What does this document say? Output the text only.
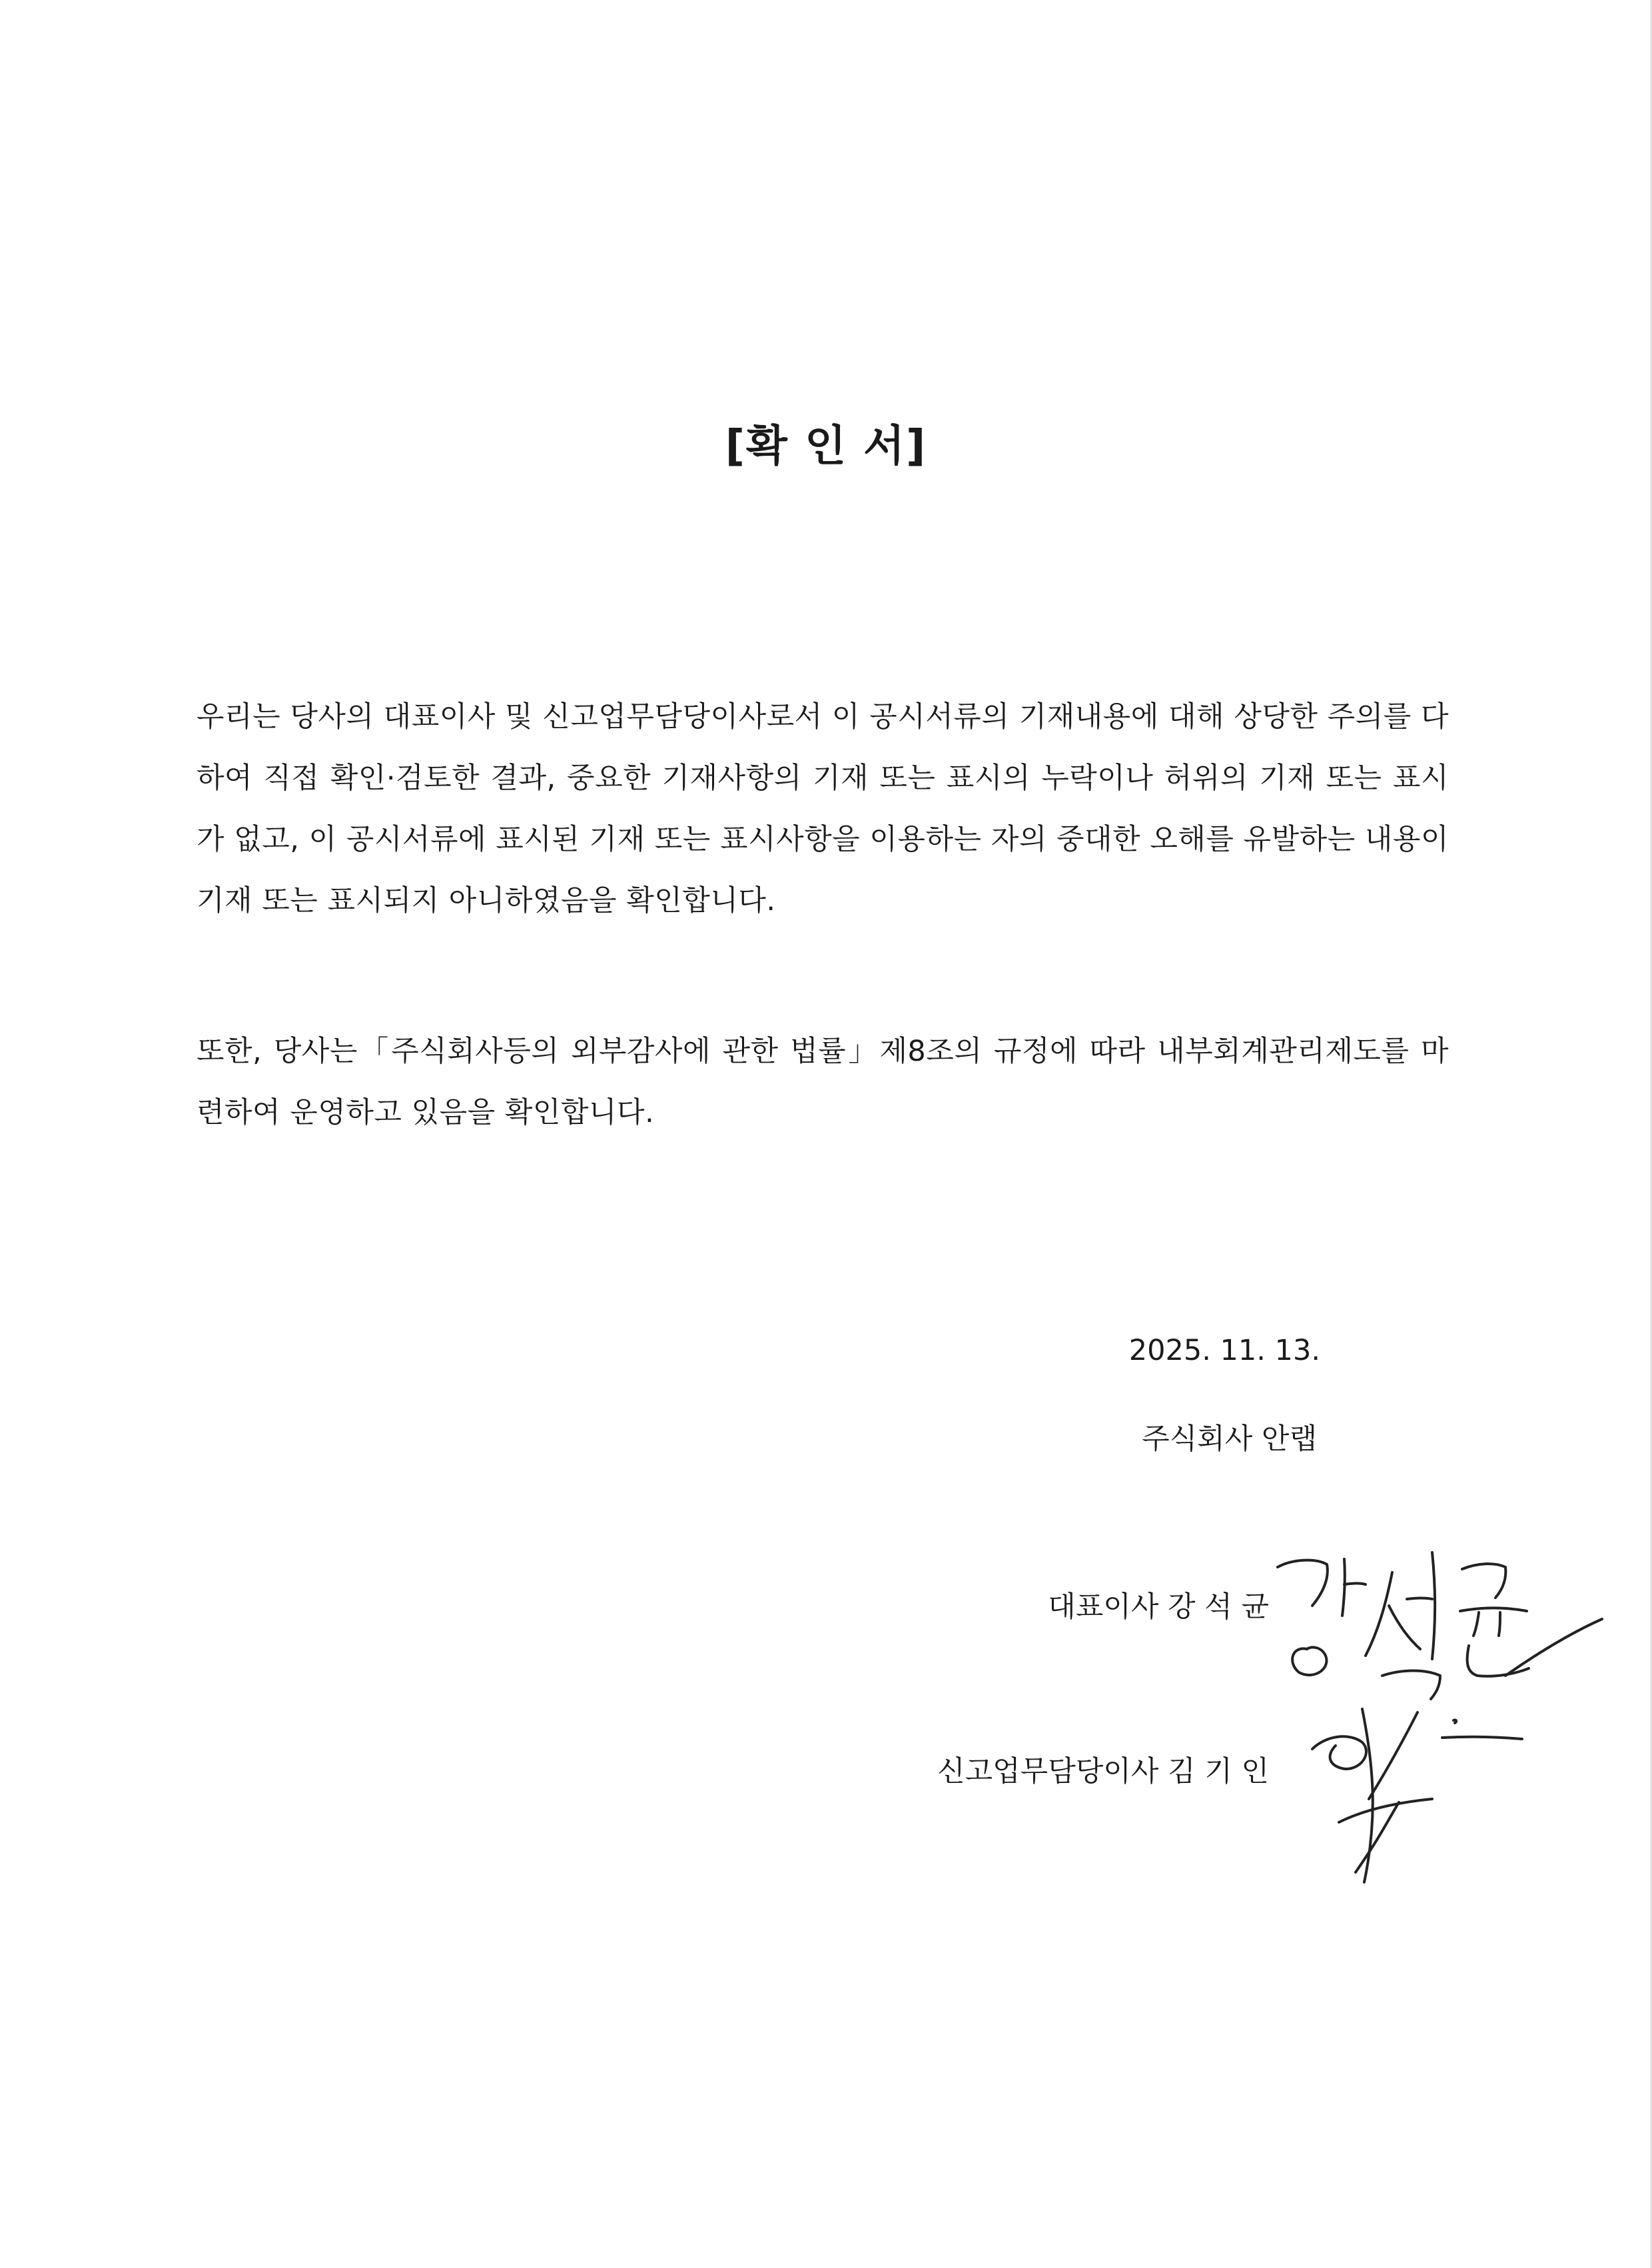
[확 인 서]

우리는 당사의 대표이사 및 신고업무담당이사로서 이 공시서류의 기재내용에 대해 상당한 주의를 다하여 직접 확인·검토한 결과, 중요한 기재사항의 기재 또는 표시의 누락이나 허위의 기재 또는 표시가 없고, 이 공시서류에 표시된 기재 또는 표시사항을 이용하는 자의 중대한 오해를 유발하는 내용이 기재 또는 표시되지 아니하였음을 확인합니다.

또한, 당사는「주식회사등의 외부감사에 관한 법률」제8조의 규정에 따라 내부회계관리제도를 마련하여 운영하고 있음을 확인합니다.

2025. 11. 13.
주식회사 안랩
대표이사 강 석 균
신고업무담당이사 김 기 인
